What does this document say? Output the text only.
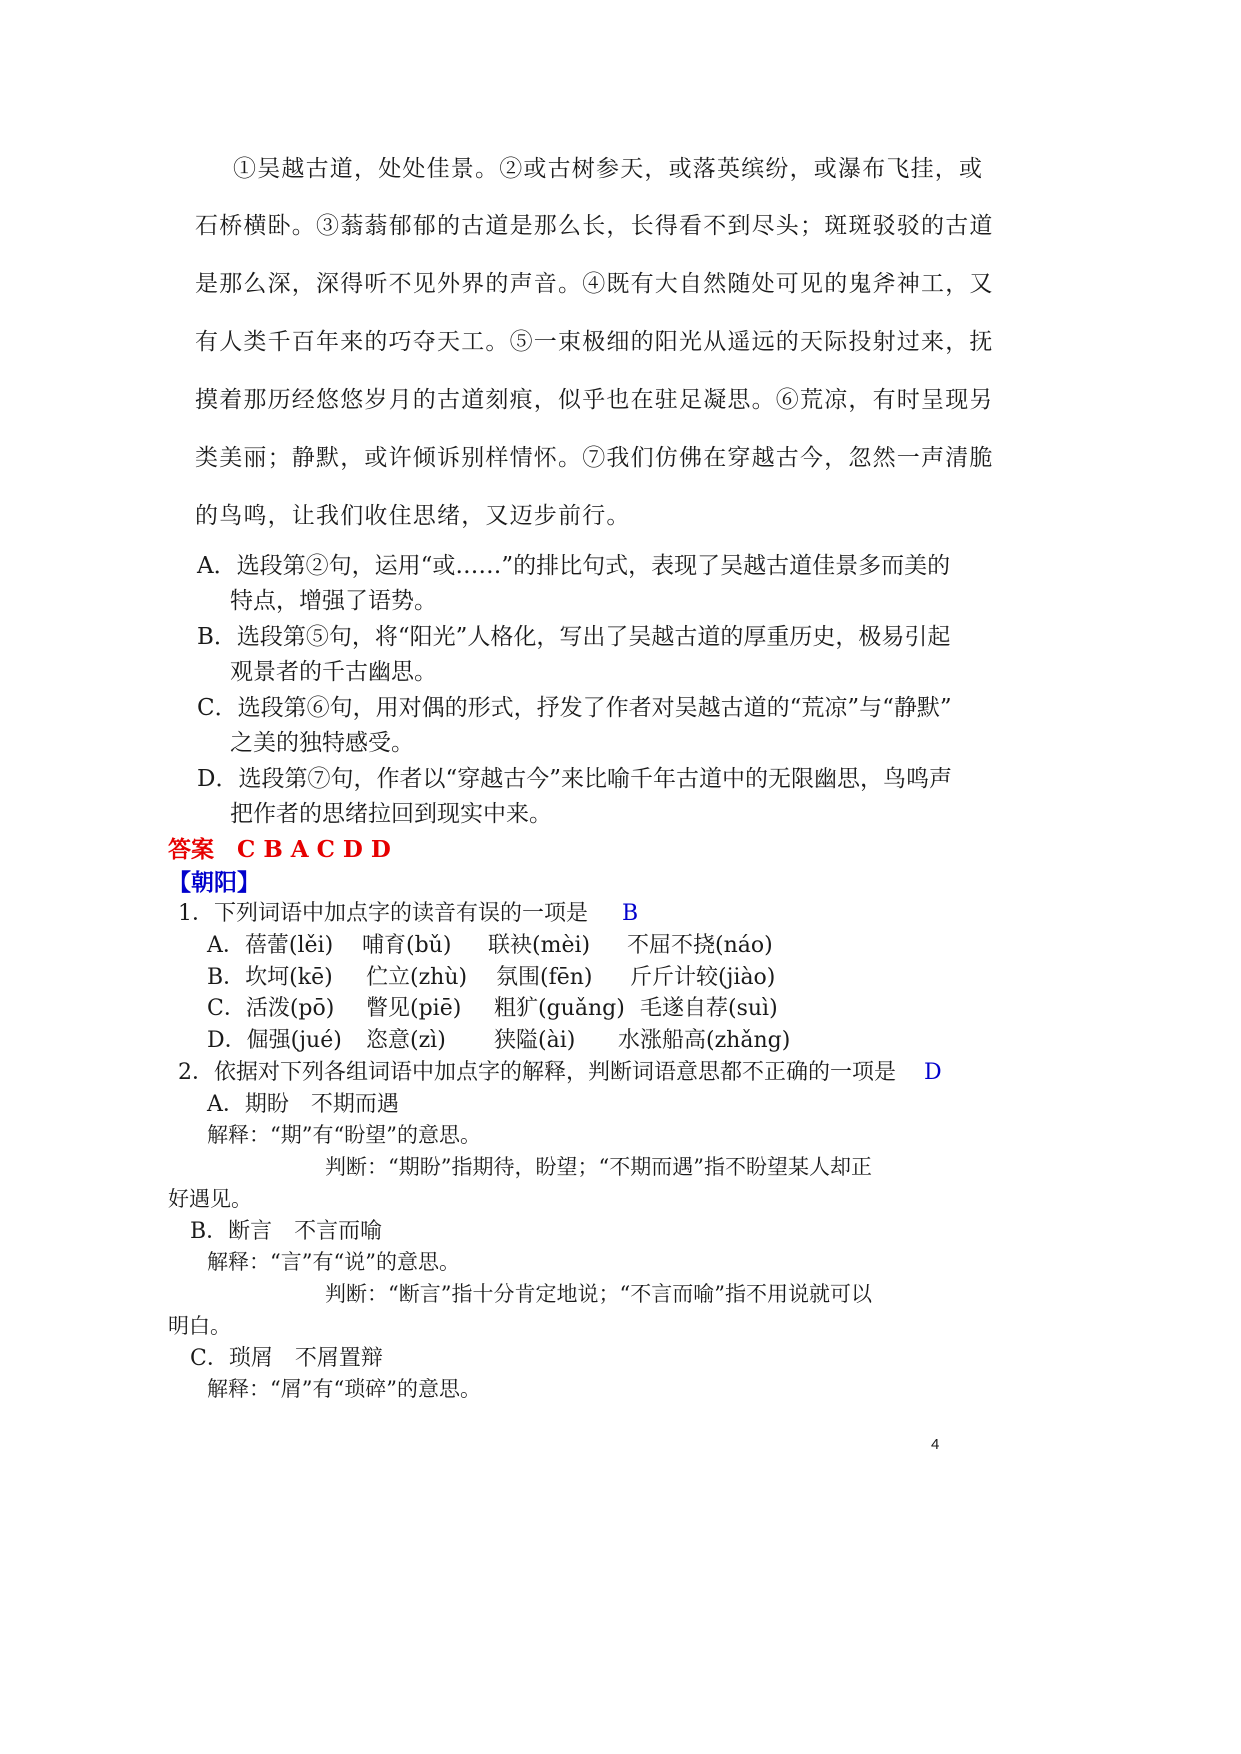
①吴越古道，处处佳景。②或古树参天，或落英缤纷，或瀑布飞挂，或
石桥横卧。③蓊蓊郁郁的古道是那么长，长得看不到尽头；斑斑驳驳的古道
是那么深，深得听不见外界的声音。④既有大自然随处可见的鬼斧神工，又
有人类千百年来的巧夺天工。⑤一束极细的阳光从遥远的天际投射过来，抚
摸着那历经悠悠岁月的古道刻痕，似乎也在驻足凝思。⑥荒凉，有时呈现另
类美丽；静默，或许倾诉别样情怀。⑦我们仿佛在穿越古今，忽然一声清脆
的鸟鸣，让我们收住思绪，又迈步前行。
A．选段第②句，运用“或……”的排比句式，表现了吴越古道佳景多而美的
特点，增强了语势。
B．选段第⑤句，将“阳光”人格化，写出了吴越古道的厚重历史，极易引起
观景者的千古幽思。
C．选段第⑥句，用对偶的形式，抒发了作者对吴越古道的“荒凉”与“静默”
之美的独特感受。
D．选段第⑦句，作者以“穿越古今”来比喻千年古道中的无限幽思，鸟鸣声
把作者的思绪拉回到现实中来。
答案　C B A C D D
【朝阳】
1．下列词语中加点字的读音有误的一项是 B
A．蓓蕾(lěi) 哺育(bǔ) 联袂(mèi) 不屈不挠(náo)
B．坎坷(kē) 伫立(zhù) 氛围(fēn) 斤斤计较(jiào)
C．活泼(pō) 瞥见(piē) 粗犷(guǎng) 毛遂自荐(suì)
D．倔强(jué) 恣意(zì) 狭隘(ài) 水涨船高(zhǎng)
2．依据对下列各组词语中加点字的解释，判断词语意思都不正确的一项是 D
A．期盼　不期而遇
解释：“期”有“盼望”的意思。
判断：“期盼”指期待，盼望；“不期而遇”指不盼望某人却正
好遇见。
B．断言　不言而喻
解释：“言”有“说”的意思。
判断：“断言”指十分肯定地说；“不言而喻”指不用说就可以
明白。
C．琐屑　不屑置辩
解释：“屑”有“琐碎”的意思。
4
